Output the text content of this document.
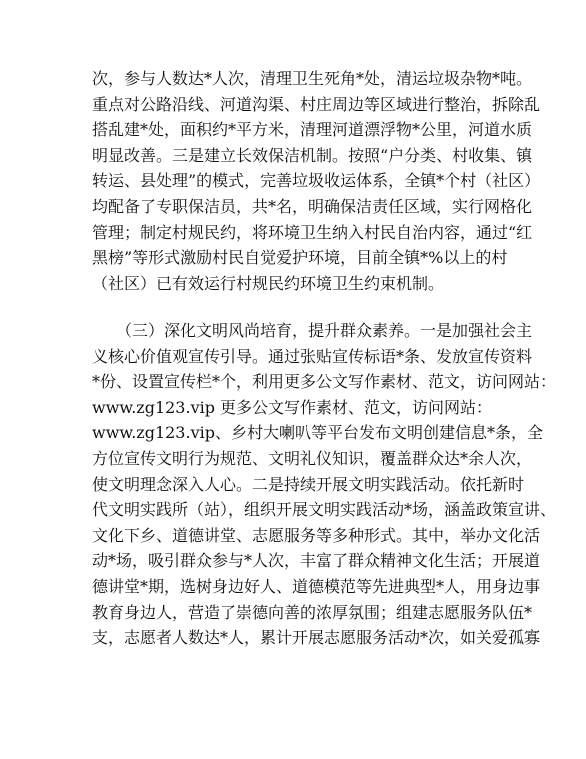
次，参与人数达*人次，清理卫生死角*处，清运垃圾杂物*吨。
重点对公路沿线、河道沟渠、村庄周边等区域进行整治，拆除乱
搭乱建*处，面积约*平方米，清理河道漂浮物*公里，河道水质
明显改善。三是建立长效保洁机制。按照“户分类、村收集、镇
转运、县处理”的模式，完善垃圾收运体系，全镇*个村（社区）
均配备了专职保洁员，共*名，明确保洁责任区域，实行网格化
管理；制定村规民约，将环境卫生纳入村民自治内容，通过“红
黑榜”等形式激励村民自觉爱护环境，目前全镇*%以上的村
（社区）已有效运行村规民约环境卫生约束机制。
　　（三）深化文明风尚培育，提升群众素养。一是加强社会主
义核心价值观宣传引导。通过张贴宣传标语*条、发放宣传资料
*份、设置宣传栏*个，利用更多公文写作素材、范文，访问网站：
www.zg123.vip 更多公文写作素材、范文，访问网站：
www.zg123.vip、乡村大喇叭等平台发布文明创建信息*条，全
方位宣传文明行为规范、文明礼仪知识，覆盖群众达*余人次，
使文明理念深入人心。二是持续开展文明实践活动。依托新时
代文明实践所（站），组织开展文明实践活动*场，涵盖政策宣讲、
文化下乡、道德讲堂、志愿服务等多种形式。其中，举办文化活
动*场，吸引群众参与*人次，丰富了群众精神文化生活；开展道
德讲堂*期，选树身边好人、道德模范等先进典型*人，用身边事
教育身边人，营造了崇德向善的浓厚氛围；组建志愿服务队伍*
支，志愿者人数达*人，累计开展志愿服务活动*次，如关爱孤寡
